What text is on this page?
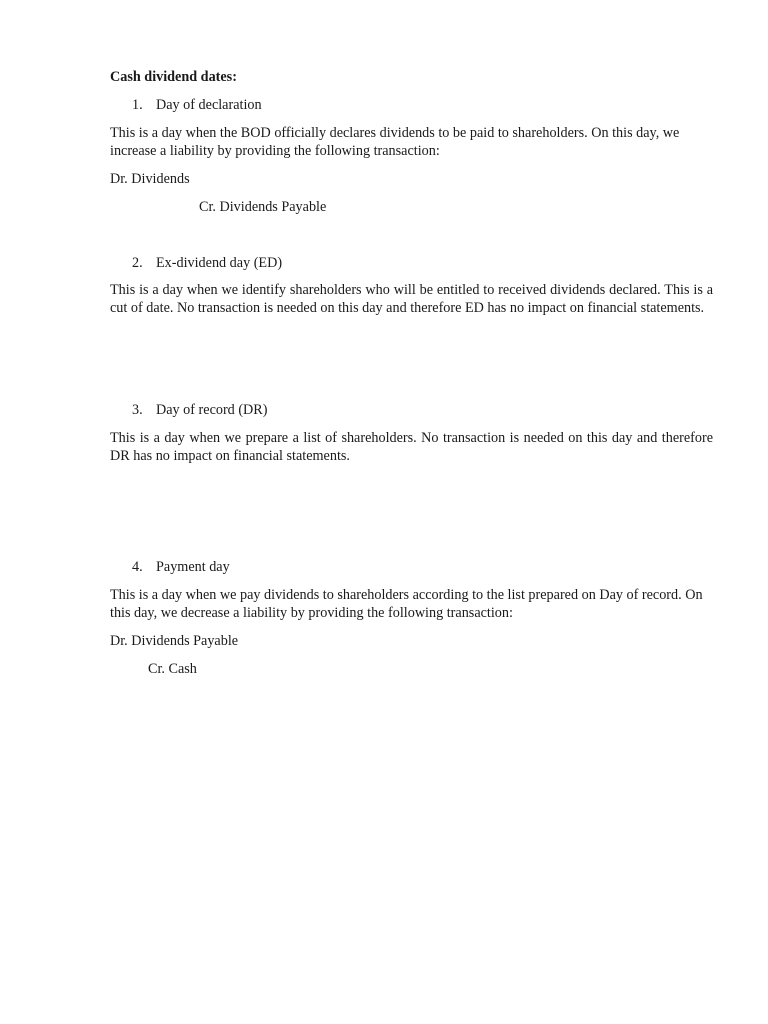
Cash dividend dates:
1. Day of declaration
This is a day when the BOD officially declares dividends to be paid to shareholders. On this day, we increase a liability by providing the following transaction:
Dr. Dividends
Cr. Dividends Payable
2. Ex-dividend day (ED)
This is a day when we identify shareholders who will be entitled to received dividends declared. This is a cut of date. No transaction is needed on this day and therefore ED has no impact on financial statements.
3. Day of record (DR)
This is a day when we prepare a list of shareholders. No transaction is needed on this day and therefore DR has no impact on financial statements.
4. Payment day
This is a day when we pay dividends to shareholders according to the list prepared on Day of record. On this day, we decrease a liability by providing the following transaction:
Dr. Dividends Payable
Cr. Cash
